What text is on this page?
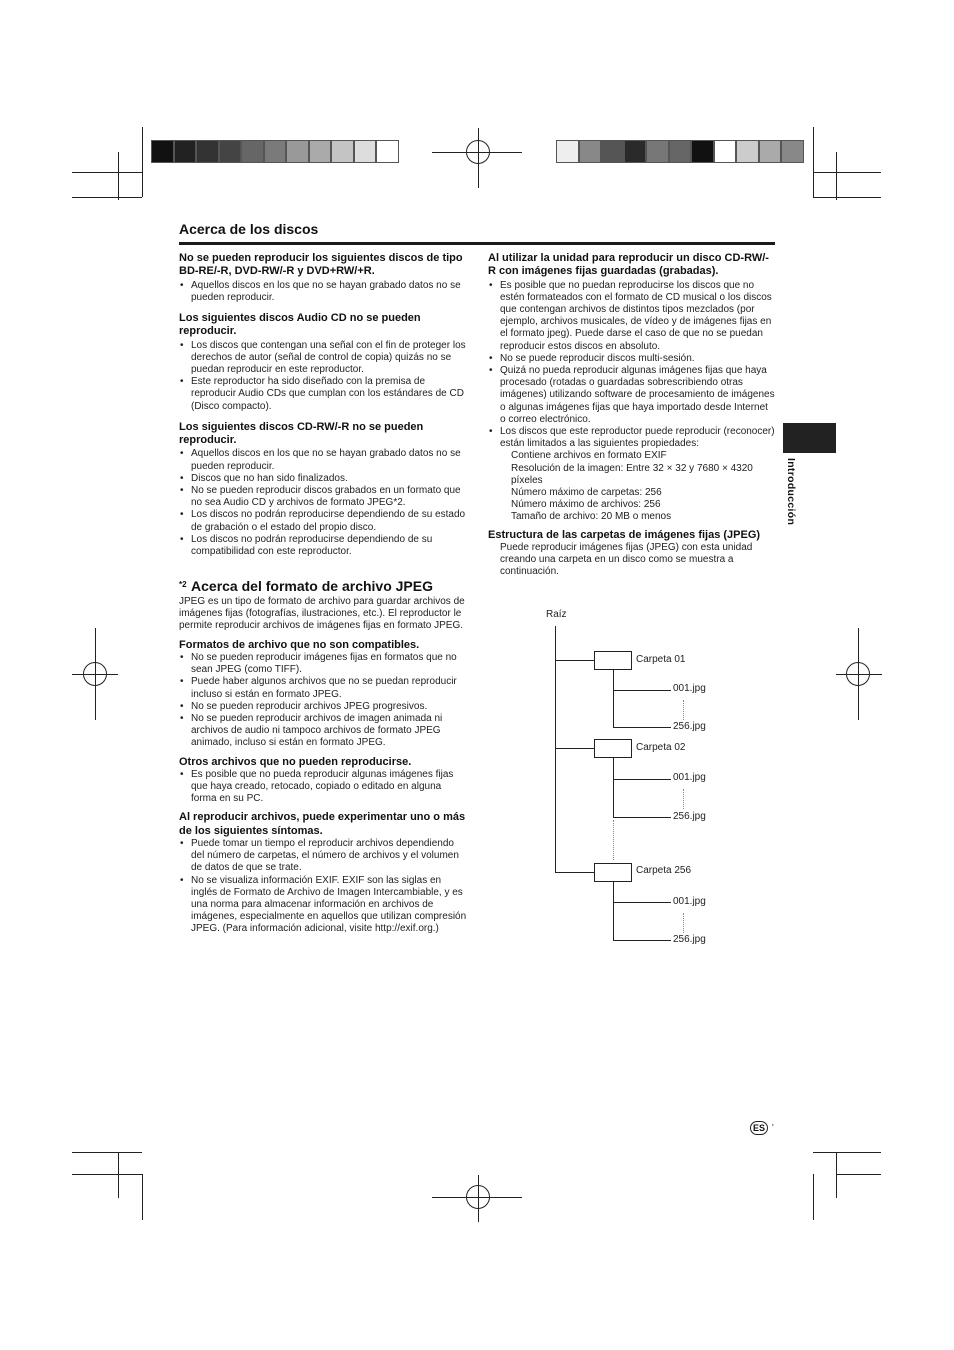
Acerca de los discos
No se pueden reproducir los siguientes discos de tipo BD-RE/-R, DVD-RW/-R y DVD+RW/+R.
• Aquellos discos en los que no se hayan grabado datos no se pueden reproducir.
Los siguientes discos Audio CD no se pueden reproducir.
• Los discos que contengan una señal con el fin de proteger los derechos de autor (señal de control de copia) quizás no se puedan reproducir en este reproductor.
• Este reproductor ha sido diseñado con la premisa de reproducir Audio CDs que cumplan con los estándares de CD (Disco compacto).
Los siguientes discos CD-RW/-R no se pueden reproducir.
• Aquellos discos en los que no se hayan grabado datos no se pueden reproducir.
• Discos que no han sido finalizados.
• No se pueden reproducir discos grabados en un formato que no sea Audio CD y archivos de formato JPEG*2.
• Los discos no podrán reproducirse dependiendo de su estado de grabación o el estado del propio disco.
• Los discos no podrán reproducirse dependiendo de su compatibilidad con este reproductor.
$^{*2}$ Acerca del formato de archivo JPEG
JPEG es un tipo de formato de archivo para guardar archivos de imágenes fijas (fotografías, ilustraciones, etc.). El reproductor le permite reproducir archivos de imágenes fijas en formato JPEG.
Formatos de archivo que no son compatibles.
• No se pueden reproducir imágenes fijas en formatos que no sean JPEG (como TIFF).
• Puede haber algunos archivos que no se puedan reproducir incluso si están en formato JPEG.
• No se pueden reproducir archivos JPEG progresivos.
• No se pueden reproducir archivos de imagen animada ni archivos de audio ni tampoco archivos de formato JPEG animado, incluso si están en formato JPEG.
Otros archivos que no pueden reproducirse.
• Es posible que no pueda reproducir algunas imágenes fijas que haya creado, retocado, copiado o editado en alguna forma en su PC.
Al reproducir archivos, puede experimentar uno o más de los siguientes síntomas.
• Puede tomar un tiempo el reproducir archivos dependiendo del número de carpetas, el número de archivos y el volumen de datos de que se trate.
• No se visualiza información EXIF. EXIF son las siglas en inglés de Formato de Archivo de Imagen Intercambiable, y es una norma para almacenar información en archivos de imágenes, especialmente en aquellos que utilizan compresión JPEG. (Para información adicional, visite http://exif.org.)
Al utilizar la unidad para reproducir un disco CD-RW/-R con imágenes fijas guardadas (grabadas).
• Es posible que no puedan reproducirse los discos que no estén formateados con el formato de CD musical o los discos que contengan archivos de distintos tipos mezclados (por ejemplo, archivos musicales, de vídeo y de imágenes fijas en el formato jpeg). Puede darse el caso de que no se puedan reproducir estos discos en absoluto.
• No se puede reproducir discos multi-sesión.
• Quizá no pueda reproducir algunas imágenes fijas que haya procesado (rotadas o guardadas sobrescribiendo otras imágenes) utilizando software de procesamiento de imágenes o algunas imágenes fijas que haya importado desde Internet o correo electrónico.
• Los discos que este reproductor puede reproducir (reconocer) están limitados a las siguientes propiedades:
Contiene archivos en formato EXIF
Resolución de la imagen: Entre 32 × 32 y 7680 × 4320
píxeles
Número máximo de carpetas: 256
Número máximo de archivos: 256
Tamaño de archivo: 20 MB o menos
Estructura de las carpetas de imágenes fijas (JPEG)
Puede reproducir imágenes fijas (JPEG) con esta unidad creando una carpeta en un disco como se muestra a continuación.
Raíz
Carpeta 01
Carpeta 02
Carpeta 256
001.jpg
256.jpg
001.jpg
256.jpg
001.jpg
256.jpg
Introducción
ES ·
